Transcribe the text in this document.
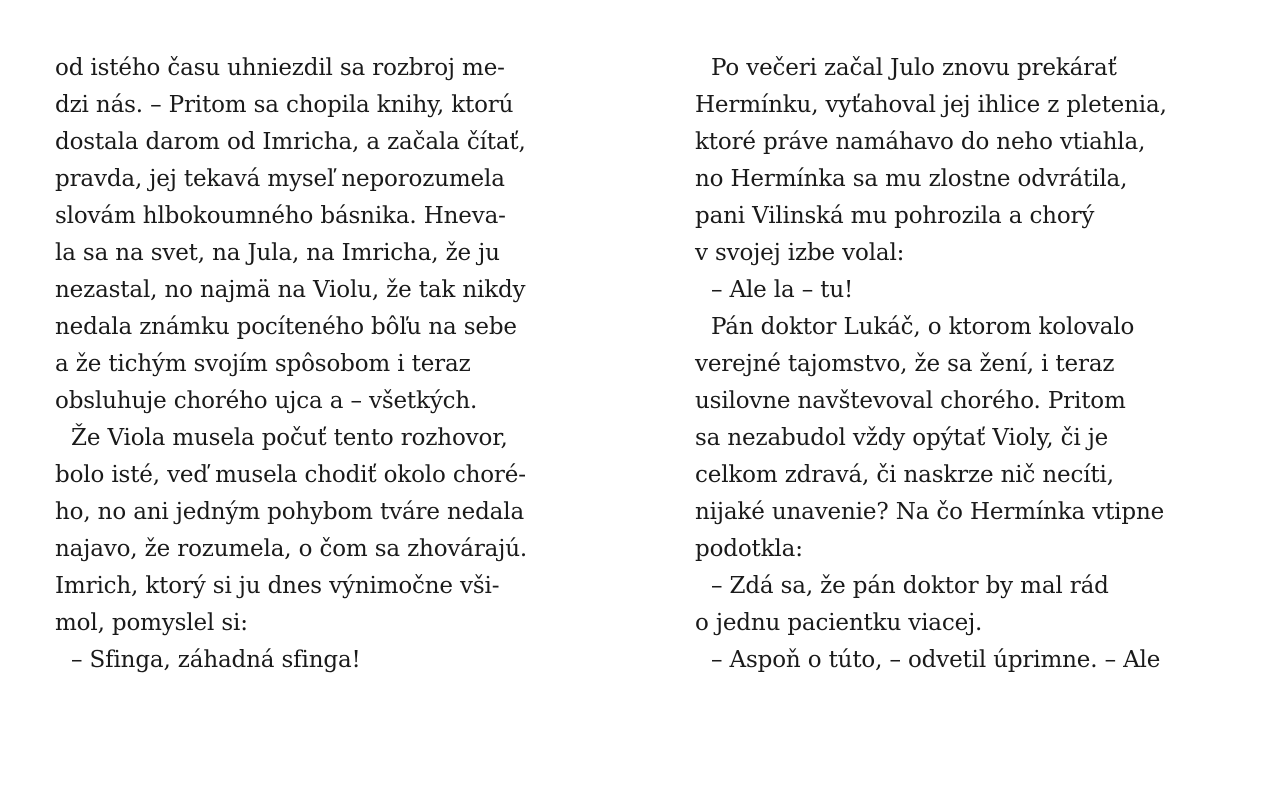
od istého času uhniezdil sa rozbroj me-
dzi nás. – Pritom sa chopila knihy, ktorú
dostala darom od Imricha, a začala čítať,
pravda, jej tekavá myseľ neporozumela
slovám hlbokoumného básnika. Hneva-
la sa na svet, na Jula, na Imricha, že ju
nezastal, no najmä na Violu, že tak nikdy
nedala známku pocíteného bôľu na sebe
a že tichým svojím spôsobom i teraz
obsluhuje chorého ujca a – všetkých.
Že Viola musela počuť tento rozhovor,
bolo isté, veď musela chodiť okolo choré-
ho, no ani jedným pohybom tváre nedala
najavo, že rozumela, o čom sa zhovárajú.
Imrich, ktorý si ju dnes výnimočne vši-
mol, pomyslel si:
– Sfinga, záhadná sfinga!
Po večeri začal Julo znovu prekárať
Hermínku, vyťahoval jej ihlice z pletenia,
ktoré práve namáhavo do neho vtiahla,
no Hermínka sa mu zlostne odvrátila,
pani Vilinská mu pohrozila a chorý
v svojej izbe volal:
– Ale la – tu!
Pán doktor Lukáč, o ktorom kolovalo
verejné tajomstvo, že sa žení, i teraz
usilovne navštevoval chorého. Pritom
sa nezabudol vždy opýtať Violy, či je
celkom zdravá, či naskrze nič necíti,
nijaké unavenie? Na čo Hermínka vtipne
podotkla:
– Zdá sa, že pán doktor by mal rád
o jednu pacientku viacej.
– Aspoň o túto, – odvetil úprimne. – Ale
